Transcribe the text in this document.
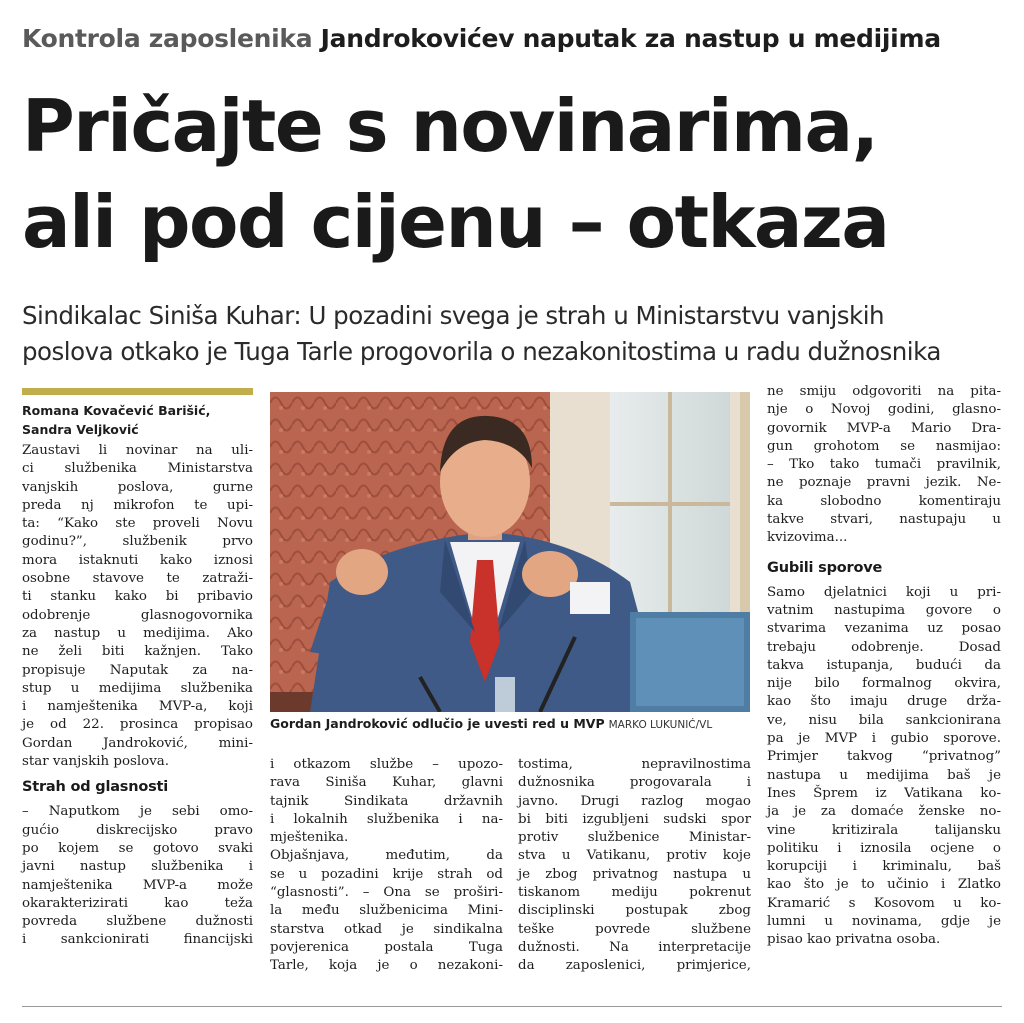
Kontrola zaposlenika Jandrokovićev naputak za nastup u medijima
Pričajte s novinarima,
ali pod cijenu – otkaza
Sindikalac Siniša Kuhar: U pozadini svega je strah u Ministarstvu vanjskih
poslova otkako je Tuga Tarle progovorila o nezakonitostima u radu dužnosnika
Romana Kovačević Barišić,
Sandra Veljković

Zaustavi li novinar na uli-
ci službenika Ministarstva
vanjskih poslova, gurne
preda nj mikrofon te upi-
ta: “Kako ste proveli Novu
godinu?”, službenik prvo
mora istaknuti kako iznosi
osobne stavove te zatraži-
ti stanku kako bi pribavio
odobrenje glasnogovornika
za nastup u medijima. Ako
ne želi biti kažnjen. Tako
propisuje Naputak za na-
stup u medijima službenika
i namještenika MVP-a, koji
je od 22. prosinca propisao
Gordan Jandroković, mini-
star vanjskih poslova.

Strah od glasnosti

– Naputkom je sebi omo-
gućio diskrecijsko pravo
po kojem se gotovo svaki
javni nastup službenika i
namještenika MVP-a može
okarakterizirati kao teža
povreda službene dužnosti
i sankcionirati financijski

Gordan Jandroković odlučio je uvesti red u MVP MARKO LUKUNIĆ/VL

i otkazom službe – upozo-
rava Siniša Kuhar, glavni
tajnik Sindikata državnih
i lokalnih službenika i na-
mještenika.
Objašnjava, međutim, da
se u pozadini krije strah od
“glasnosti”. – Ona se proširi-
la među službenicima Mini-
starstva otkad je sindikalna
povjerenica postala Tuga
Tarle, koja je o nezakoni-

tostima, nepravilnostima
dužnosnika progovarala i
javno. Drugi razlog mogao
bi biti izgubljeni sudski spor
protiv službenice Ministar-
stva u Vatikanu, protiv koje
je zbog privatnog nastupa u
tiskanom mediju pokrenut
disciplinski postupak zbog
teške povrede službene
dužnosti. Na interpretacije
da zaposlenici, primjerice,

ne smiju odgovoriti na pita-
nje o Novoj godini, glasno-
govornik MVP-a Mario Dra-
gun grohotom se nasmijao:
– Tko tako tumači pravilnik,
ne poznaje pravni jezik. Ne-
ka slobodno komentiraju
takve stvari, nastupaju u
kvizovima...

Gubili sporove

Samo djelatnici koji u pri-
vatnim nastupima govore o
stvarima vezanima uz posao
trebaju odobrenje. Dosad
takva istupanja, budući da
nije bilo formalnog okvira,
kao što imaju druge drža-
ve, nisu bila sankcionirana
pa je MVP i gubio sporove.
Primjer takvog “privatnog”
nastupa u medijima baš je
Ines Šprem iz Vatikana ko-
ja je za domaće ženske no-
vine kritizirala talijansku
politiku i iznosila ocjene o
korupciji i kriminalu, baš
kao što je to učinio i Zlatko
Kramarić s Kosovom u ko-
lumni u novinama, gdje je
pisao kao privatna osoba.
